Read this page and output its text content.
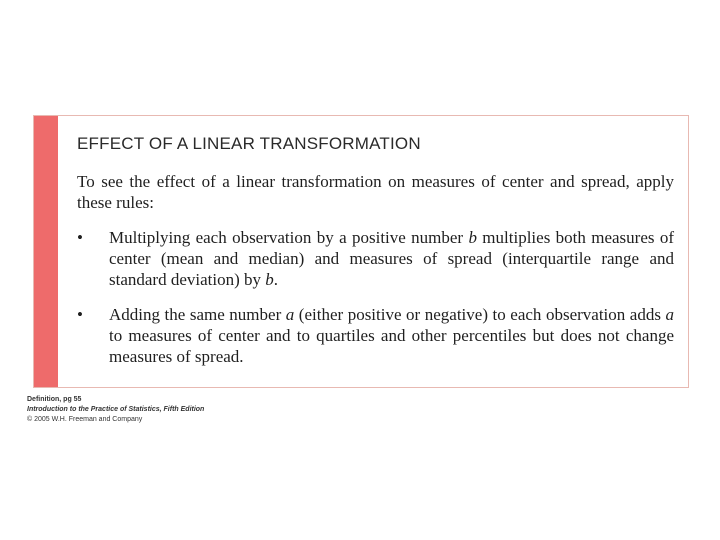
EFFECT OF A LINEAR TRANSFORMATION

To see the effect of a linear transformation on measures of center and spread, apply these rules:

•	Multiplying each observation by a positive number b multiplies both measures of center (mean and median) and measures of spread (interquartile range and standard deviation) by b.

•	Adding the same number a (either positive or negative) to each observation adds a to measures of center and to quartiles and other percentiles but does not change measures of spread.

Definition, pg 55
Introduction to the Practice of Statistics, Fifth Edition
© 2005 W.H. Freeman and Company
